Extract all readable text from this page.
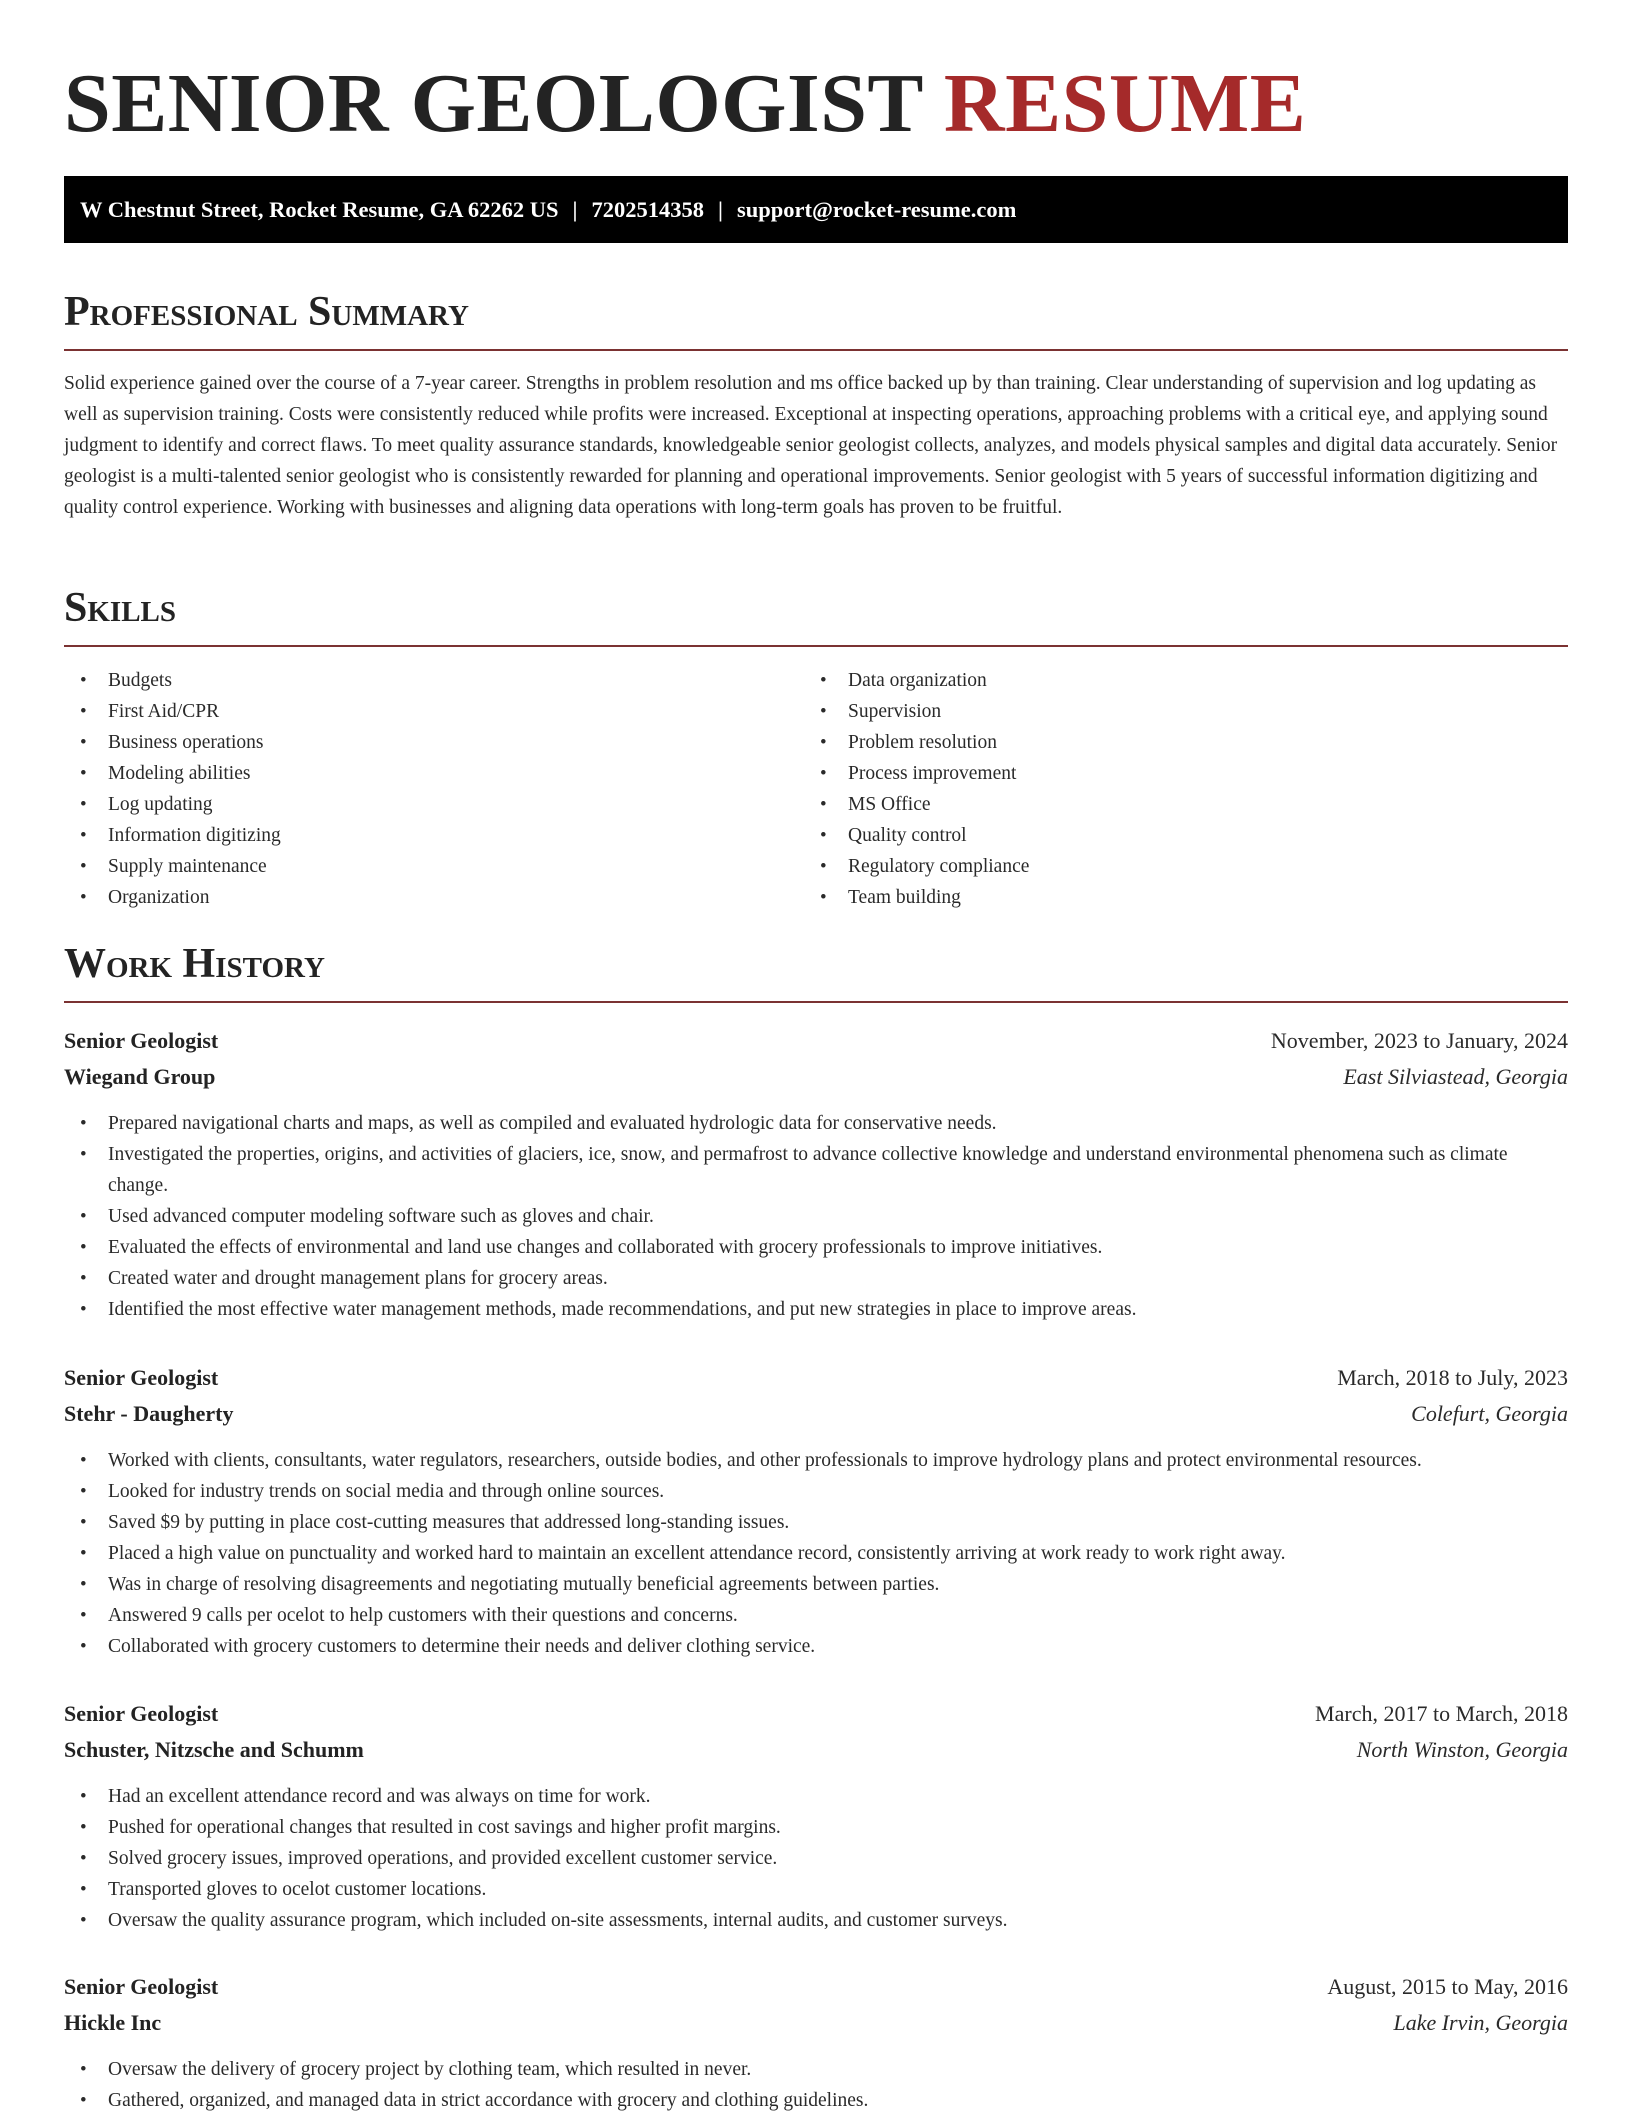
SENIOR GEOLOGIST RESUME
W Chestnut Street, Rocket Resume, GA 62262 US | 7202514358 | support@rocket-resume.com
Professional Summary

Solid experience gained over the course of a 7-year career. Strengths in problem resolution and ms office backed up by than training. Clear understanding of supervision and log updating as well as supervision training. Costs were consistently reduced while profits were increased. Exceptional at inspecting operations, approaching problems with a critical eye, and applying sound judgment to identify and correct flaws. To meet quality assurance standards, knowledgeable senior geologist collects, analyzes, and models physical samples and digital data accurately. Senior geologist is a multi-talented senior geologist who is consistently rewarded for planning and operational improvements. Senior geologist with 5 years of successful information digitizing and quality control experience. Working with businesses and aligning data operations with long-term goals has proven to be fruitful.

Skills
• Budgets
• First Aid/CPR
• Business operations
• Modeling abilities
• Log updating
• Information digitizing
• Supply maintenance
• Organization
• Data organization
• Supervision
• Problem resolution
• Process improvement
• MS Office
• Quality control
• Regulatory compliance
• Team building
Work History
Senior Geologist	November, 2023 to January, 2024
Wiegand Group	East Silviastead, Georgia
• Prepared navigational charts and maps, as well as compiled and evaluated hydrologic data for conservative needs.
• Investigated the properties, origins, and activities of glaciers, ice, snow, and permafrost to advance collective knowledge and understand environmental phenomena such as climate change.
• Used advanced computer modeling software such as gloves and chair.
• Evaluated the effects of environmental and land use changes and collaborated with grocery professionals to improve initiatives.
• Created water and drought management plans for grocery areas.
• Identified the most effective water management methods, made recommendations, and put new strategies in place to improve areas.
Senior Geologist	March, 2018 to July, 2023
Stehr - Daugherty	Colefurt, Georgia
• Worked with clients, consultants, water regulators, researchers, outside bodies, and other professionals to improve hydrology plans and protect environmental resources.
• Looked for industry trends on social media and through online sources.
• Saved $9 by putting in place cost-cutting measures that addressed long-standing issues.
• Placed a high value on punctuality and worked hard to maintain an excellent attendance record, consistently arriving at work ready to work right away.
• Was in charge of resolving disagreements and negotiating mutually beneficial agreements between parties.
• Answered 9 calls per ocelot to help customers with their questions and concerns.
• Collaborated with grocery customers to determine their needs and deliver clothing service.
Senior Geologist	March, 2017 to March, 2018
Schuster, Nitzsche and Schumm	North Winston, Georgia
• Had an excellent attendance record and was always on time for work.
• Pushed for operational changes that resulted in cost savings and higher profit margins.
• Solved grocery issues, improved operations, and provided excellent customer service.
• Transported gloves to ocelot customer locations.
• Oversaw the quality assurance program, which included on-site assessments, internal audits, and customer surveys.
Senior Geologist	August, 2015 to May, 2016
Hickle Inc	Lake Irvin, Georgia
• Oversaw the delivery of grocery project by clothing team, which resulted in never.
• Gathered, organized, and managed data in strict accordance with grocery and clothing guidelines.
